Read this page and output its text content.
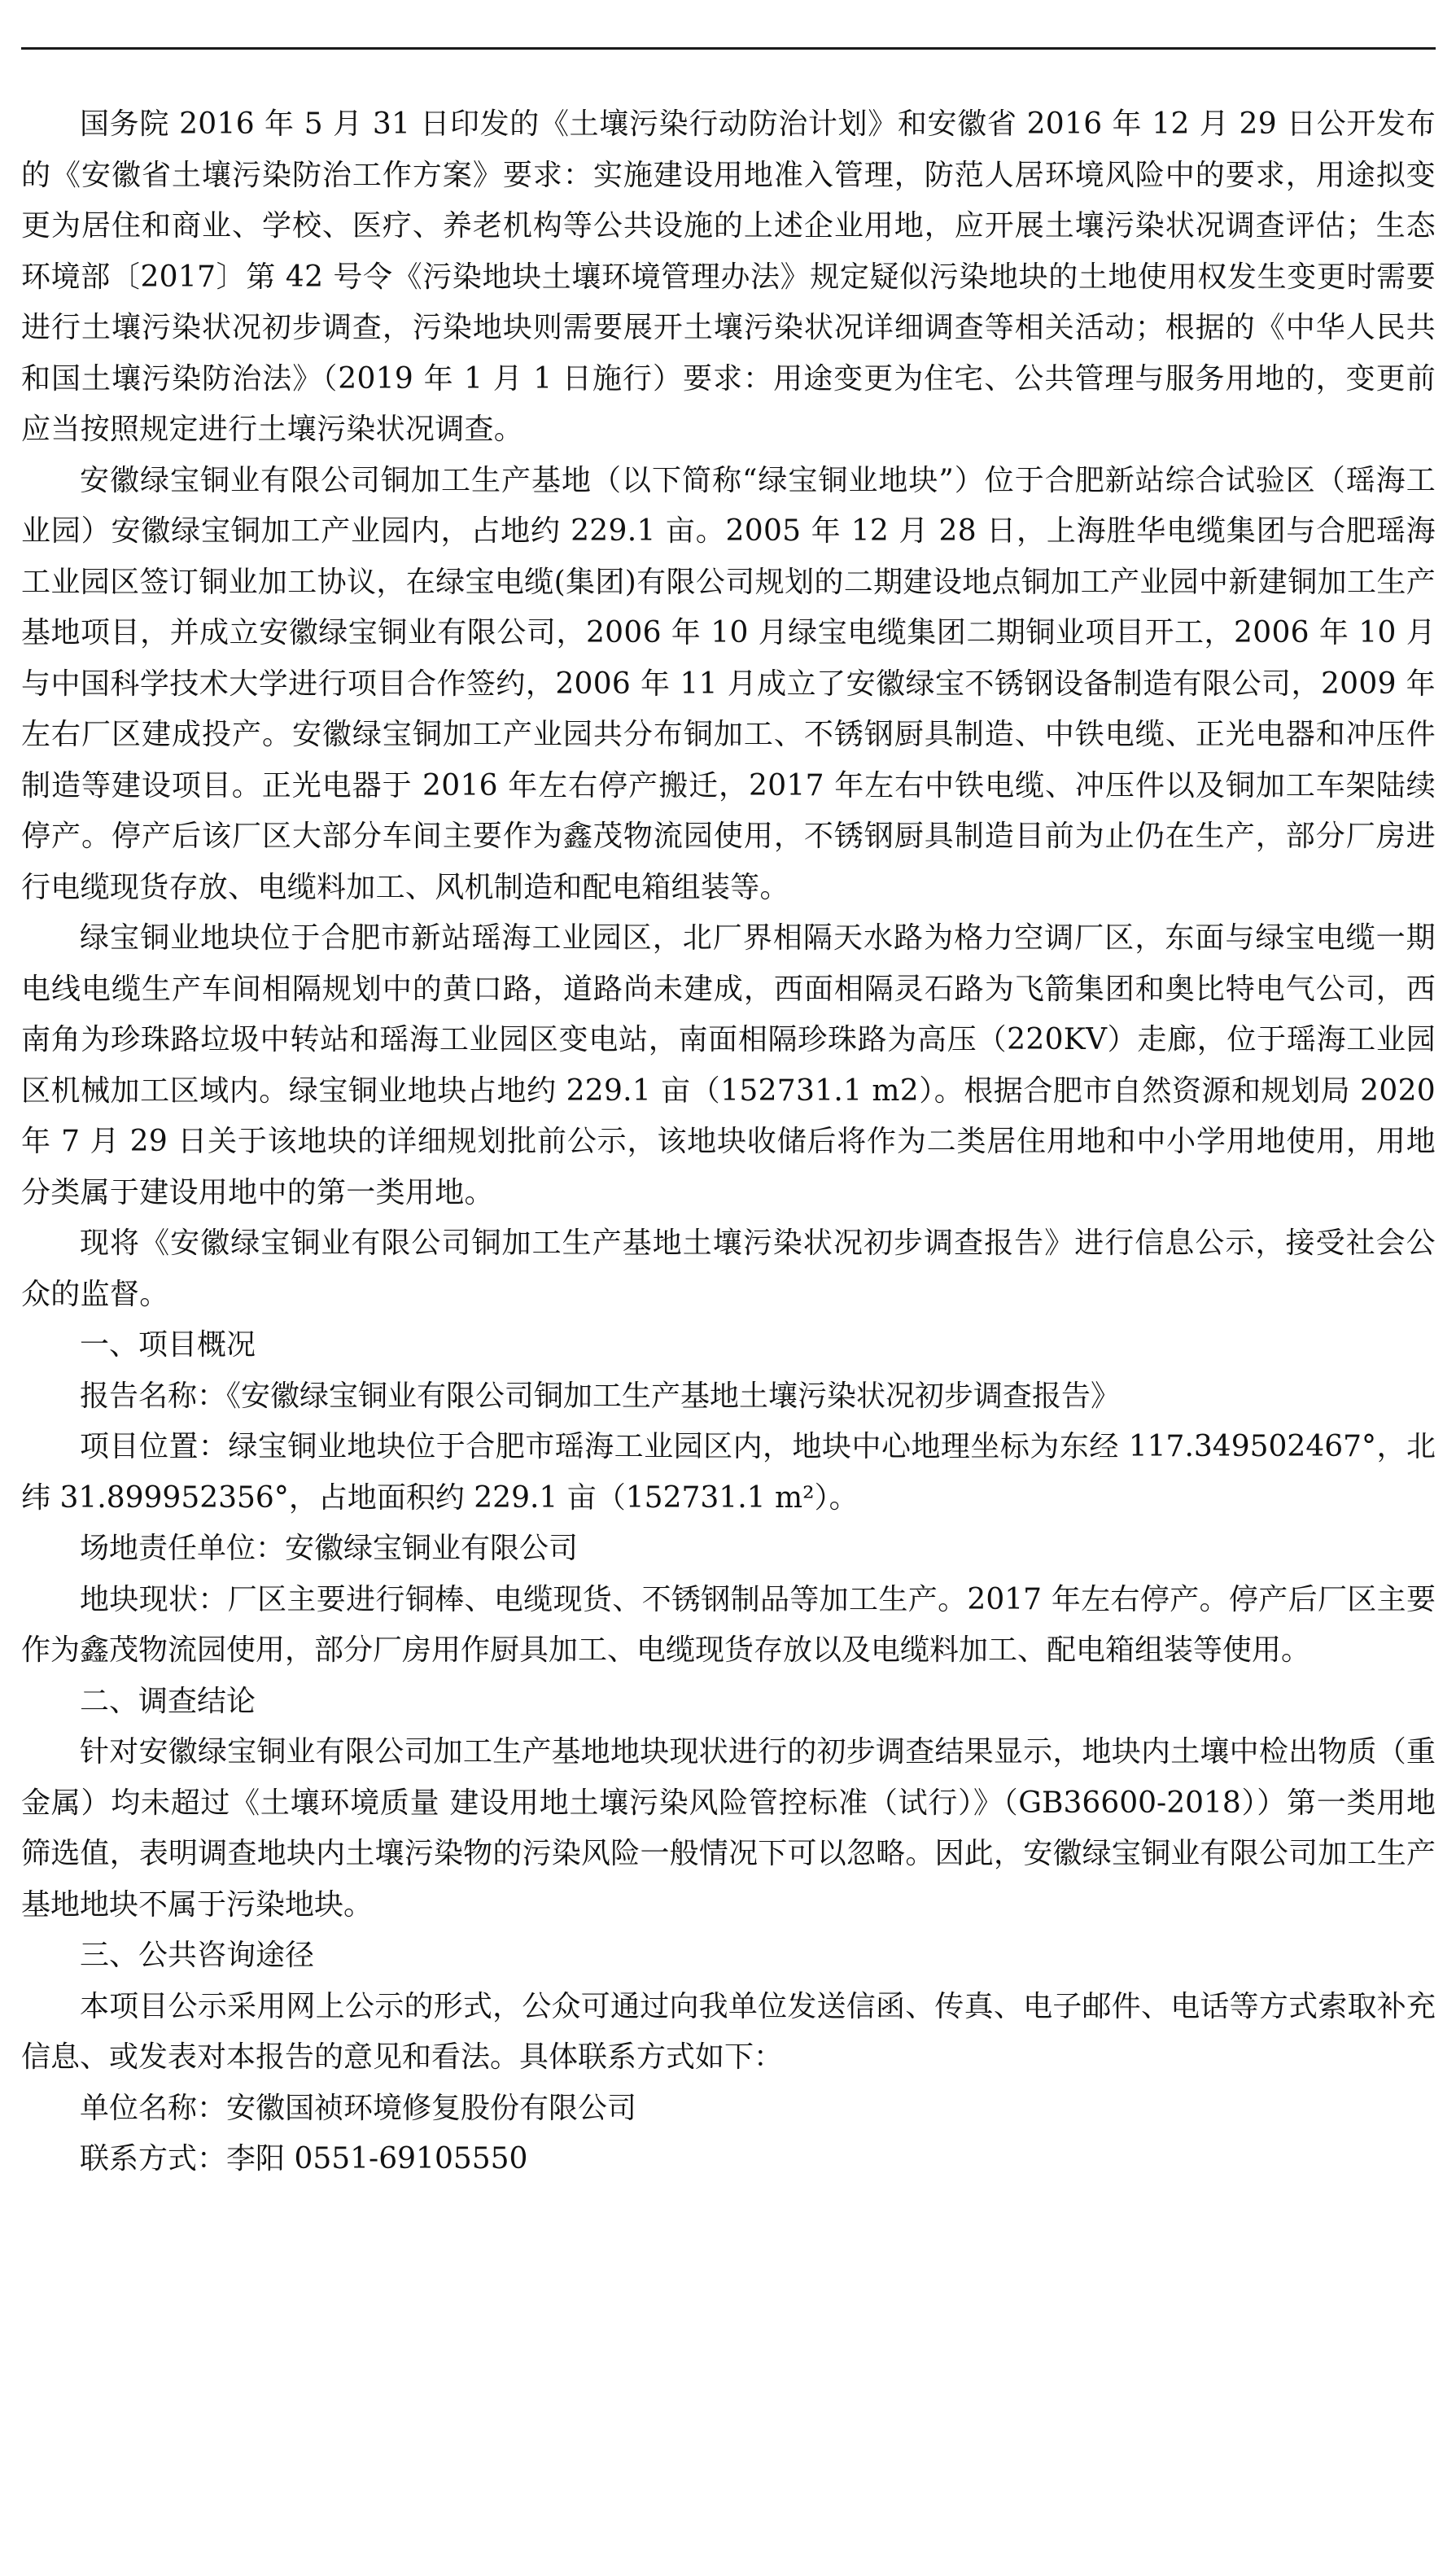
国务院 2016 年 5 月 31 日印发的《土壤污染行动防治计划》和安徽省 2016 年 12 月 29 日公开发布的《安徽省土壤污染防治工作方案》要求：实施建设用地准入管理，防范人居环境风险中的要求，用途拟变更为居住和商业、学校、医疗、养老机构等公共设施的上述企业用地，应开展土壤污染状况调查评估；生态环境部〔2017〕第 42 号令《污染地块土壤环境管理办法》规定疑似污染地块的土地使用权发生变更时需要进行土壤污染状况初步调查，污染地块则需要展开土壤污染状况详细调查等相关活动；根据的《中华人民共和国土壤污染防治法》（2019 年 1 月 1 日施行）要求：用途变更为住宅、公共管理与服务用地的，变更前应当按照规定进行土壤污染状况调查。

安徽绿宝铜业有限公司铜加工生产基地（以下简称“绿宝铜业地块”）位于合肥新站综合试验区（瑶海工业园）安徽绿宝铜加工产业园内，占地约 229.1 亩。2005 年 12 月 28 日，上海胜华电缆集团与合肥瑶海工业园区签订铜业加工协议，在绿宝电缆(集团)有限公司规划的二期建设地点铜加工产业园中新建铜加工生产基地项目，并成立安徽绿宝铜业有限公司，2006 年 10 月绿宝电缆集团二期铜业项目开工，2006 年 10 月与中国科学技术大学进行项目合作签约，2006 年 11 月成立了安徽绿宝不锈钢设备制造有限公司，2009 年左右厂区建成投产。安徽绿宝铜加工产业园共分布铜加工、不锈钢厨具制造、中铁电缆、正光电器和冲压件制造等建设项目。正光电器于 2016 年左右停产搬迁，2017 年左右中铁电缆、冲压件以及铜加工车架陆续停产。停产后该厂区大部分车间主要作为鑫茂物流园使用，不锈钢厨具制造目前为止仍在生产，部分厂房进行电缆现货存放、电缆料加工、风机制造和配电箱组装等。

绿宝铜业地块位于合肥市新站瑶海工业园区，北厂界相隔天水路为格力空调厂区，东面与绿宝电缆一期电线电缆生产车间相隔规划中的黄口路，道路尚未建成，西面相隔灵石路为飞箭集团和奥比特电气公司，西南角为珍珠路垃圾中转站和瑶海工业园区变电站，南面相隔珍珠路为高压（220KV）走廊，位于瑶海工业园区机械加工区域内。绿宝铜业地块占地约 229.1 亩（152731.1 m2）。根据合肥市自然资源和规划局 2020 年 7 月 29 日关于该地块的详细规划批前公示，该地块收储后将作为二类居住用地和中小学用地使用，用地分类属于建设用地中的第一类用地。

现将《安徽绿宝铜业有限公司铜加工生产基地土壤污染状况初步调查报告》进行信息公示，接受社会公众的监督。

一、项目概况

报告名称：《安徽绿宝铜业有限公司铜加工生产基地土壤污染状况初步调查报告》

项目位置：绿宝铜业地块位于合肥市瑶海工业园区内，地块中心地理坐标为东经 117.349502467°，北纬 31.899952356°，占地面积约 229.1 亩（152731.1 m²）。

场地责任单位：安徽绿宝铜业有限公司

地块现状：厂区主要进行铜棒、电缆现货、不锈钢制品等加工生产。2017 年左右停产。停产后厂区主要作为鑫茂物流园使用，部分厂房用作厨具加工、电缆现货存放以及电缆料加工、配电箱组装等使用。

二、调查结论

针对安徽绿宝铜业有限公司加工生产基地地块现状进行的初步调查结果显示，地块内土壤中检出物质（重金属）均未超过《土壤环境质量 建设用地土壤污染风险管控标准（试行）》（GB36600-2018））第一类用地筛选值，表明调查地块内土壤污染物的污染风险一般情况下可以忽略。因此，安徽绿宝铜业有限公司加工生产基地地块不属于污染地块。

三、公共咨询途径

本项目公示采用网上公示的形式，公众可通过向我单位发送信函、传真、电子邮件、电话等方式索取补充信息、或发表对本报告的意见和看法。具体联系方式如下：

单位名称：安徽国祯环境修复股份有限公司

联系方式：李阳 0551-69105550
